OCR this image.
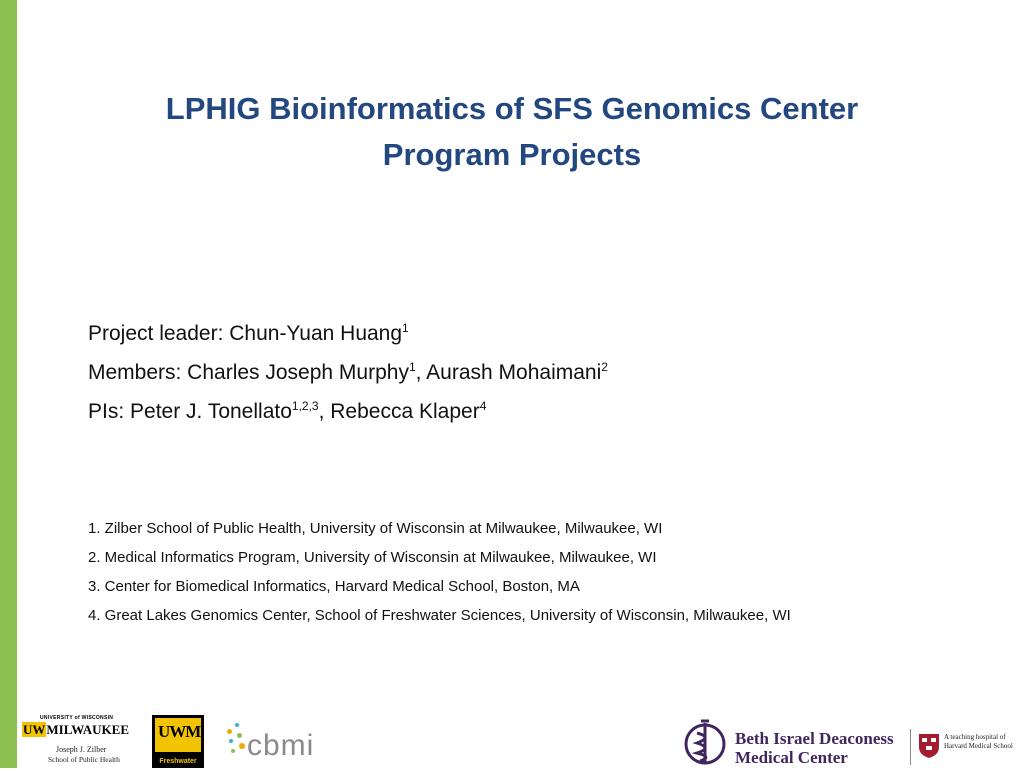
LPHIG Bioinformatics of SFS Genomics Center
Program Projects
Project leader: Chun-Yuan Huang$^1$
Members: Charles Joseph Murphy$^1$, Aurash Mohaimani$^2$
PIs: Peter J. Tonellato$^{1,2,3}$, Rebecca Klaper$^4$
1. Zilber School of Public Health, University of Wisconsin at Milwaukee, Milwaukee, WI
2. Medical Informatics Program, University of Wisconsin at Milwaukee, Milwaukee, WI
3. Center for Biomedical Informatics, Harvard Medical School, Boston, MA
4. Great Lakes Genomics Center, School of Freshwater Sciences, University of Wisconsin, Milwaukee, WI
UNIVERSITY of WISCONSIN
UWMILWAUKEE
Joseph J. Zilber
School of Public Health
UWM
Freshwater cbmi	Beth Israel Deaconess
Medical Center
A teaching hospital of
Harvard Medical School
